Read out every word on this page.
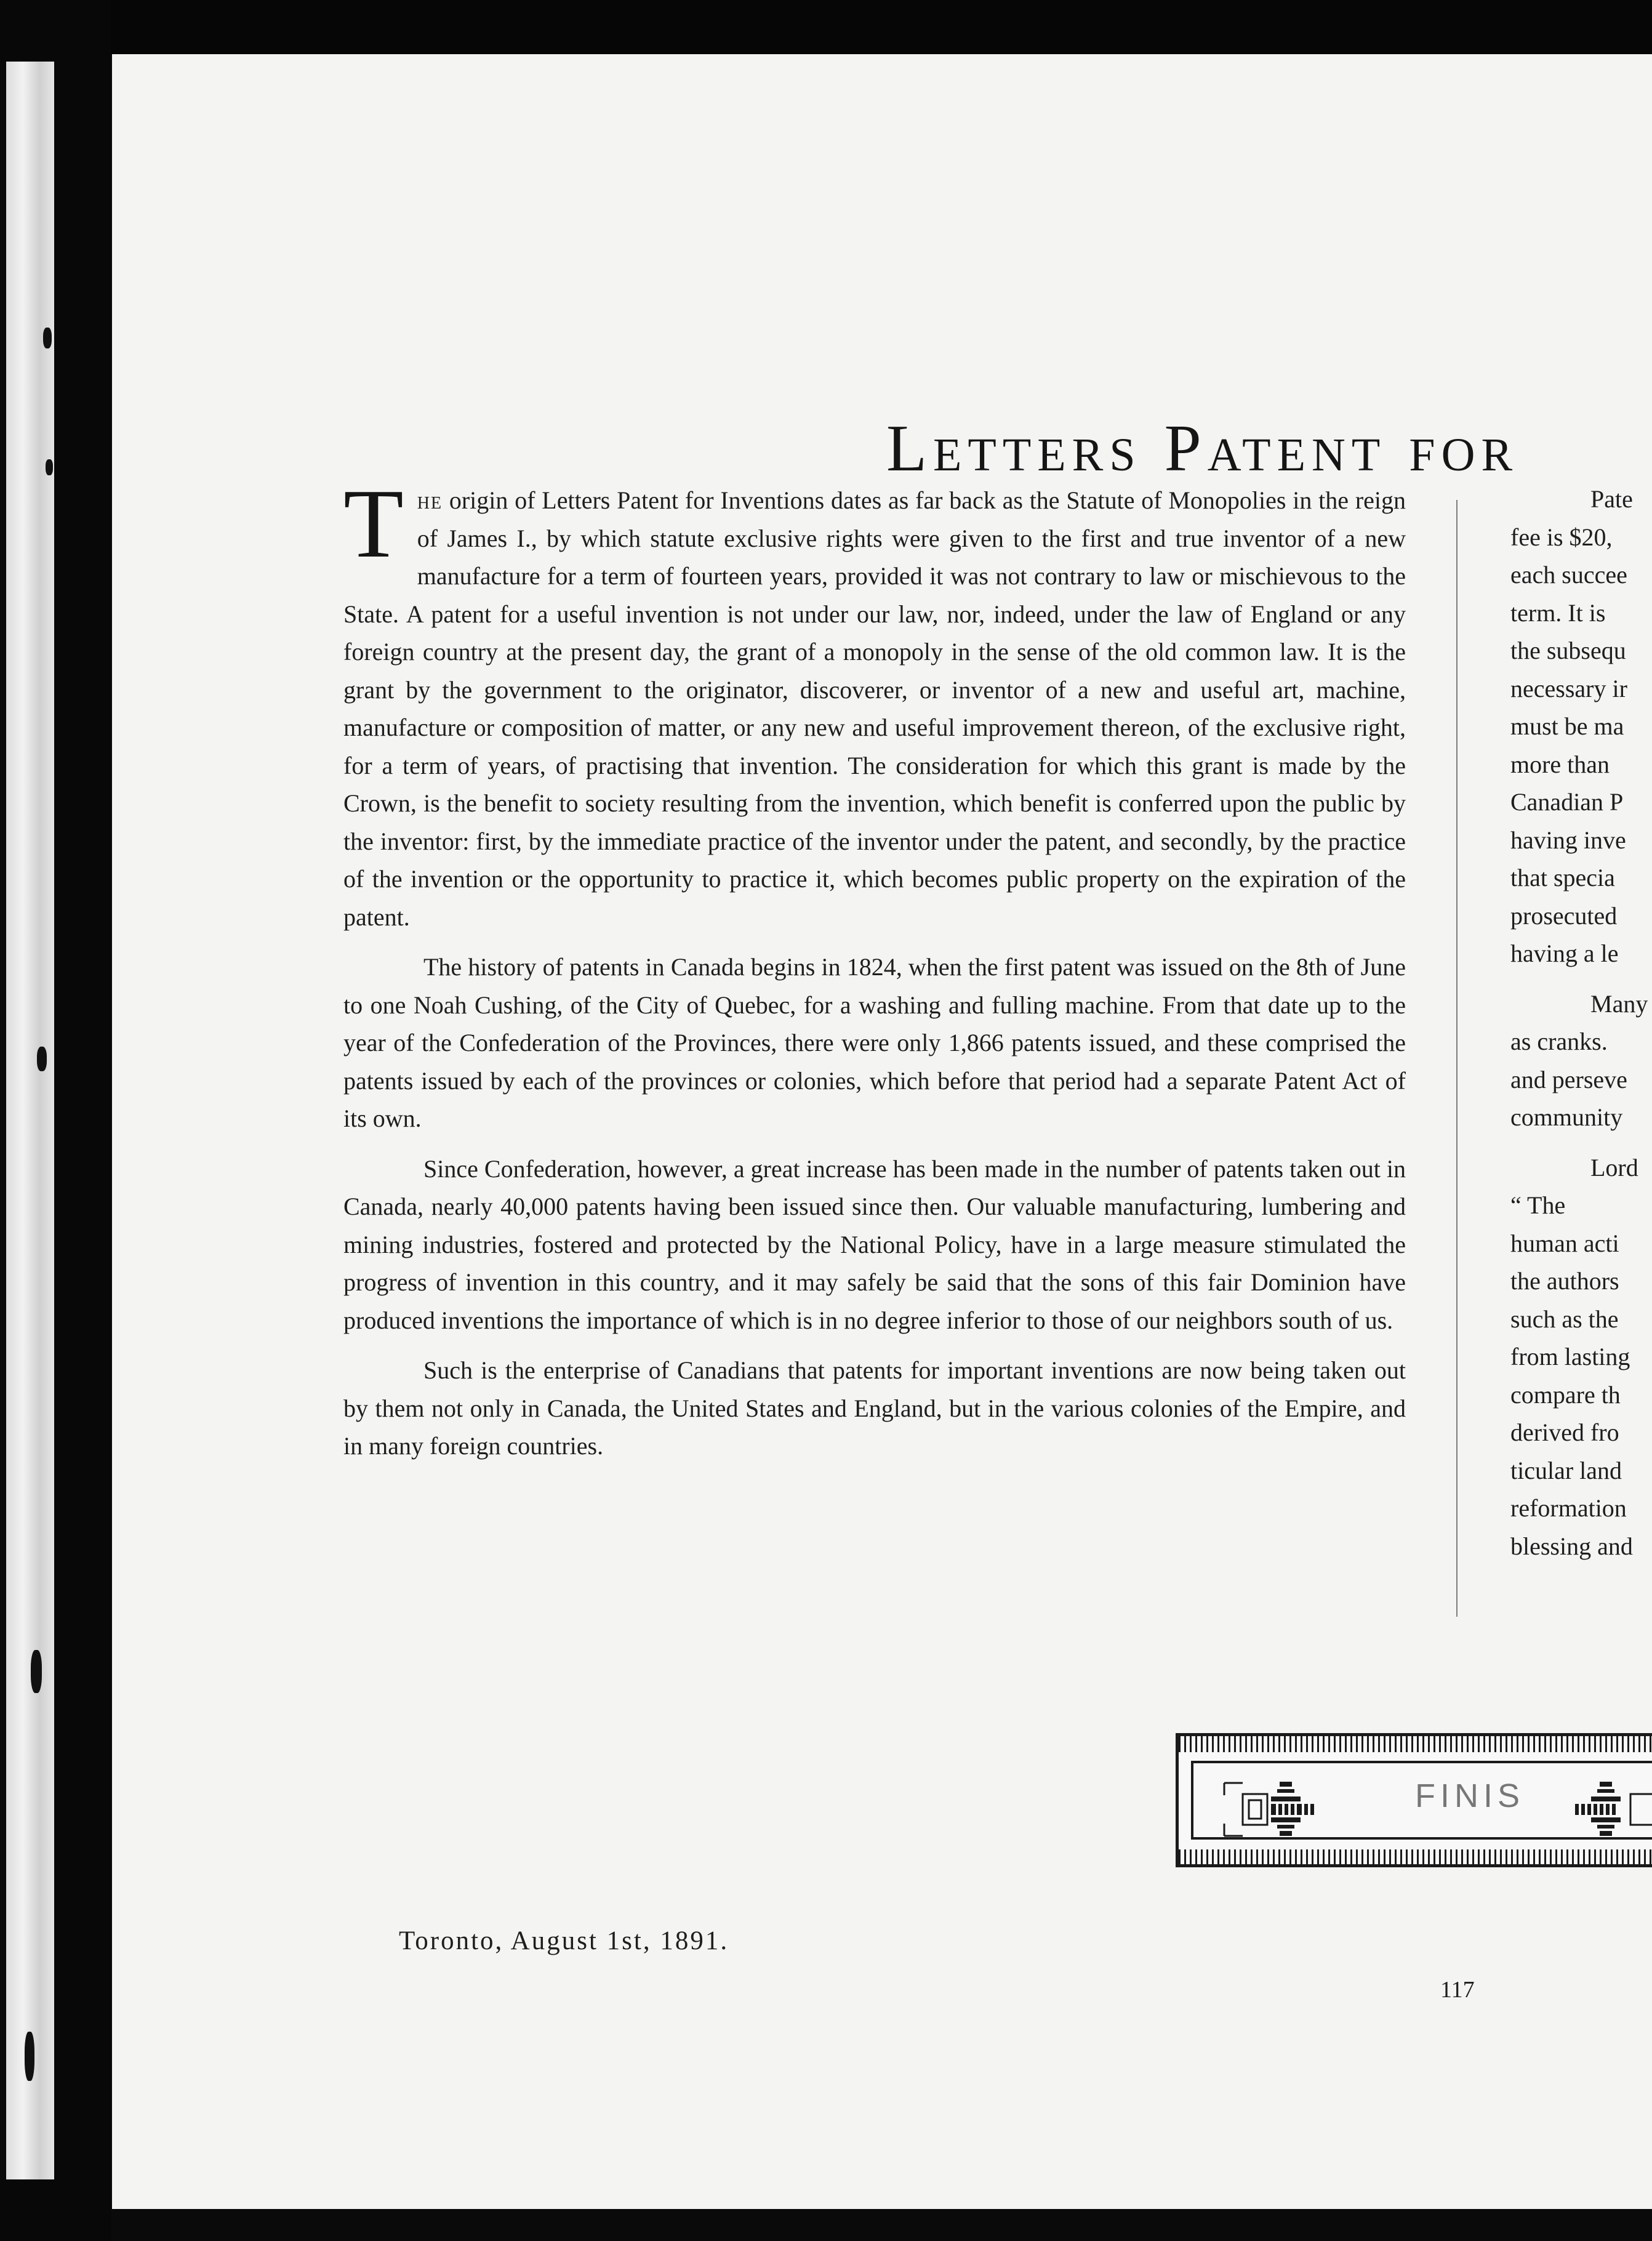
Letters Patent for

The origin of Letters Patent for Inventions dates as far back as the Statute of Monopolies in the reign of James I., by which statute exclusive rights were given to the first and true inventor of a new manufacture for a term of fourteen years, provided it was not contrary to law or mischievous to the State. A patent for a useful invention is not under our law, nor, indeed, under the law of England or any foreign country at the present day, the grant of a monopoly in the sense of the old common law. It is the grant by the government to the originator, discoverer, or inventor of a new and useful art, machine, manufacture or composition of matter, or any new and useful improvement thereon, of the exclusive right, for a term of years, of practising that invention. The consideration for which this grant is made by the Crown, is the benefit to society resulting from the invention, which benefit is conferred upon the public by the inventor: first, by the immediate practice of the inventor under the patent, and secondly, by the practice of the invention or the opportunity to practice it, which becomes public property on the expiration of the patent.

The history of patents in Canada begins in 1824, when the first patent was issued on the 8th of June to one Noah Cushing, of the City of Quebec, for a washing and fulling machine. From that date up to the year of the Confederation of the Provinces, there were only 1,866 patents issued, and these comprised the patents issued by each of the provinces or colonies, which before that period had a separate Patent Act of its own.

Since Confederation, however, a great increase has been made in the number of patents taken out in Canada, nearly 40,000 patents having been issued since then. Our valuable manufacturing, lumbering and mining industries, fostered and protected by the National Policy, have in a large measure stimulated the progress of invention in this country, and it may safely be said that the sons of this fair Dominion have produced inventions the importance of which is in no degree inferior to those of our neighbors south of us.

Such is the enterprise of Canadians that patents for important inventions are now being taken out by them not only in Canada, the United States and England, but in the various colonies of the Empire, and in many foreign countries.

Pate
fee is $20,
each succee
term. It is
the subsequ
necessary ir
must be ma
more than
Canadian P
having inve
that specia
prosecuted
having a le
Many
as cranks.
and perseve
community
Lord
“ The
human acti
the authors
such as the
from lasting
compare th
derived fro
ticular land
reformation
blessing and
FINIS
Toronto, August 1st, 1891.
117
